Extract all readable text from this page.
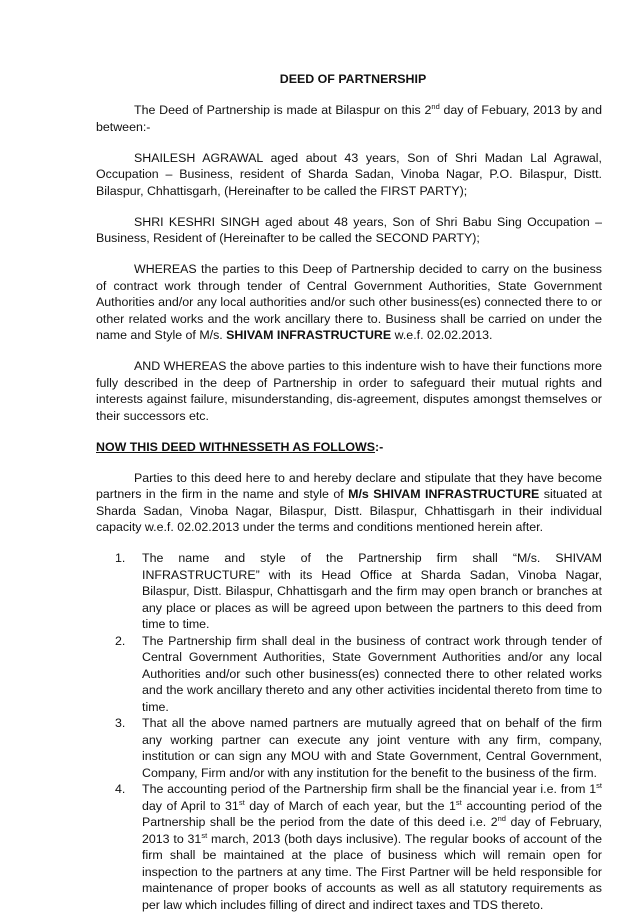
DEED OF PARTNERSHIP

The Deed of Partnership is made at Bilaspur on this 2nd day of Febuary, 2013 by and between:-

SHAILESH AGRAWAL aged about 43 years, Son of Shri Madan Lal Agrawal, Occupation – Business, resident of Sharda Sadan, Vinoba Nagar, P.O. Bilaspur, Distt. Bilaspur, Chhattisgarh, (Hereinafter to be called the FIRST PARTY);

SHRI KESHRI SINGH aged about 48 years, Son of Shri Babu Sing Occupation – Business, Resident of (Hereinafter to be called the SECOND PARTY);

WHEREAS the parties to this Deep of Partnership decided to carry on the business of contract work through tender of Central Government Authorities, State Government Authorities and/or any local authorities and/or such other business(es) connected there to or other related works and the work ancillary there to. Business shall be carried on under the name and Style of M/s. SHIVAM INFRASTRUCTURE w.e.f. 02.02.2013.

AND WHEREAS the above parties to this indenture wish to have their functions more fully described in the deep of Partnership in order to safeguard their mutual rights and interests against failure, misunderstanding, dis-agreement, disputes amongst themselves or their successors etc.

NOW THIS DEED WITHNESSETH AS FOLLOWS:-

Parties to this deed here to and hereby declare and stipulate that they have become partners in the firm in the name and style of M/s SHIVAM INFRASTRUCTURE situated at Sharda Sadan, Vinoba Nagar, Bilaspur, Distt. Bilaspur, Chhattisgarh in their individual capacity w.e.f. 02.02.2013 under the terms and conditions mentioned herein after.

1. The name and style of the Partnership firm shall “M/s. SHIVAM INFRASTRUCTURE” with its Head Office at Sharda Sadan, Vinoba Nagar, Bilaspur, Distt. Bilaspur, Chhattisgarh and the firm may open branch or branches at any place or places as will be agreed upon between the partners to this deed from time to time.
2. The Partnership firm shall deal in the business of contract work through tender of Central Government Authorities, State Government Authorities and/or any local Authorities and/or such other business(es) connected there to other related works and the work ancillary thereto and any other activities incidental thereto from time to time.
3. That all the above named partners are mutually agreed that on behalf of the firm any working partner can execute any joint venture with any firm, company, institution or can sign any MOU with and State Government, Central Government, Company, Firm and/or with any institution for the benefit to the business of the firm.
4. The accounting period of the Partnership firm shall be the financial year i.e. from 1st day of April to 31st day of March of each year, but the 1st accounting period of the Partnership shall be the period from the date of this deed i.e. 2nd day of February, 2013 to 31st march, 2013 (both days inclusive). The regular books of account of the firm shall be maintained at the place of business which will remain open for inspection to the partners at any time. The First Partner will be held responsible for maintenance of proper books of accounts as well as all statutory requirements as per law which includes filling of direct and indirect taxes and TDS thereto.
